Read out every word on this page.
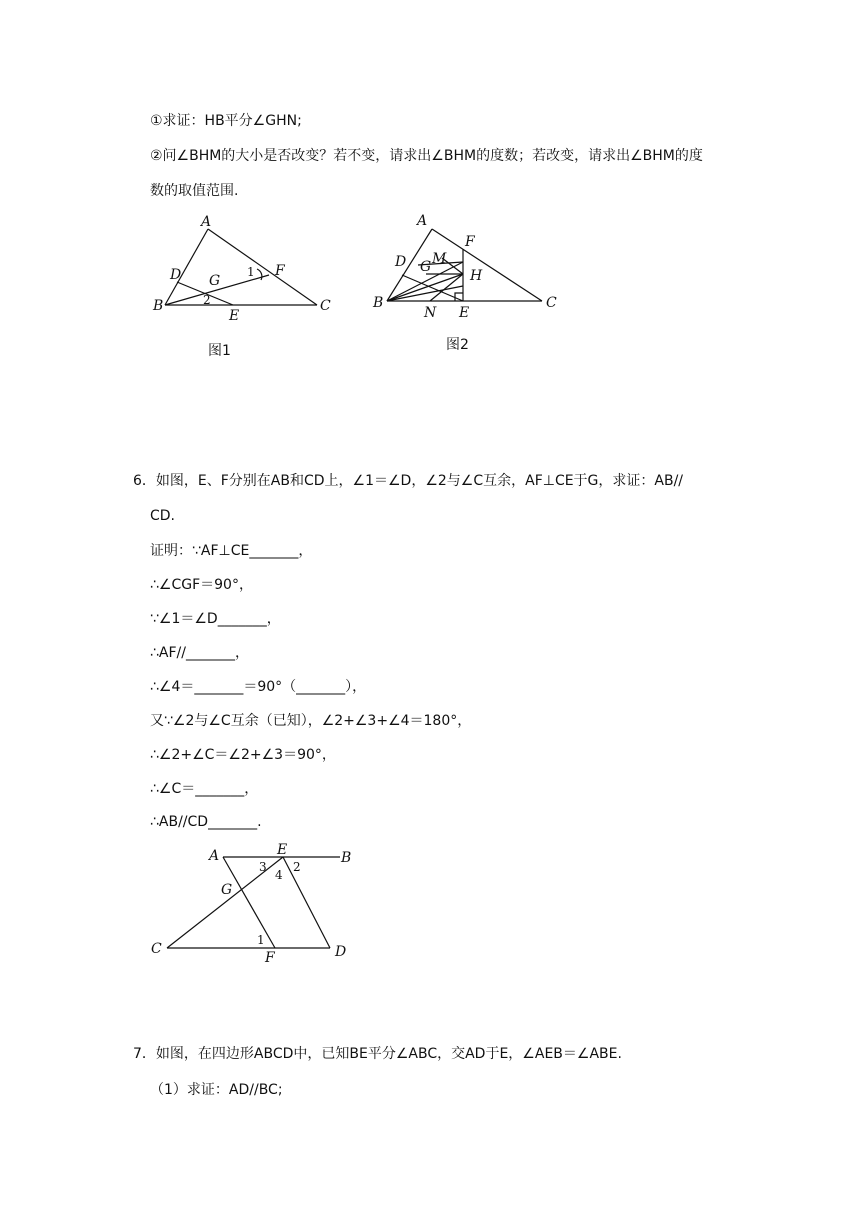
①求证：HB平分∠GHN;
②问∠BHM的大小是否改变？若不变，请求出∠BHM的度数；若改变，请求出∠BHM的度
数的取值范围.
A
D G
F
B
E
C
1
2
图1
A
F
D G M
H
B
N E
C
图2
6．如图，E、F分别在AB和CD上，∠1＝∠D，∠2与∠C互余，AF⊥CE于G，求证：AB//
CD.
证明：∵AF⊥CE_______，
∴∠CGF＝90°，
∵∠1＝∠D_______，
∴AF//_______，
∴∠4＝_______＝90°（_______），
又∵∠2与∠C互余（已知），∠2+∠3+∠4＝180°，
∴∠2+∠C＝∠2+∠3＝90°，
∴∠C＝_______，
∴AB//CD_______.
A	E	B
G
C
F	D
3
4
2
1
7．如图，在四边形ABCD中，已知BE平分∠ABC，交AD于E，∠AEB＝∠ABE.
（1）求证：AD//BC;
